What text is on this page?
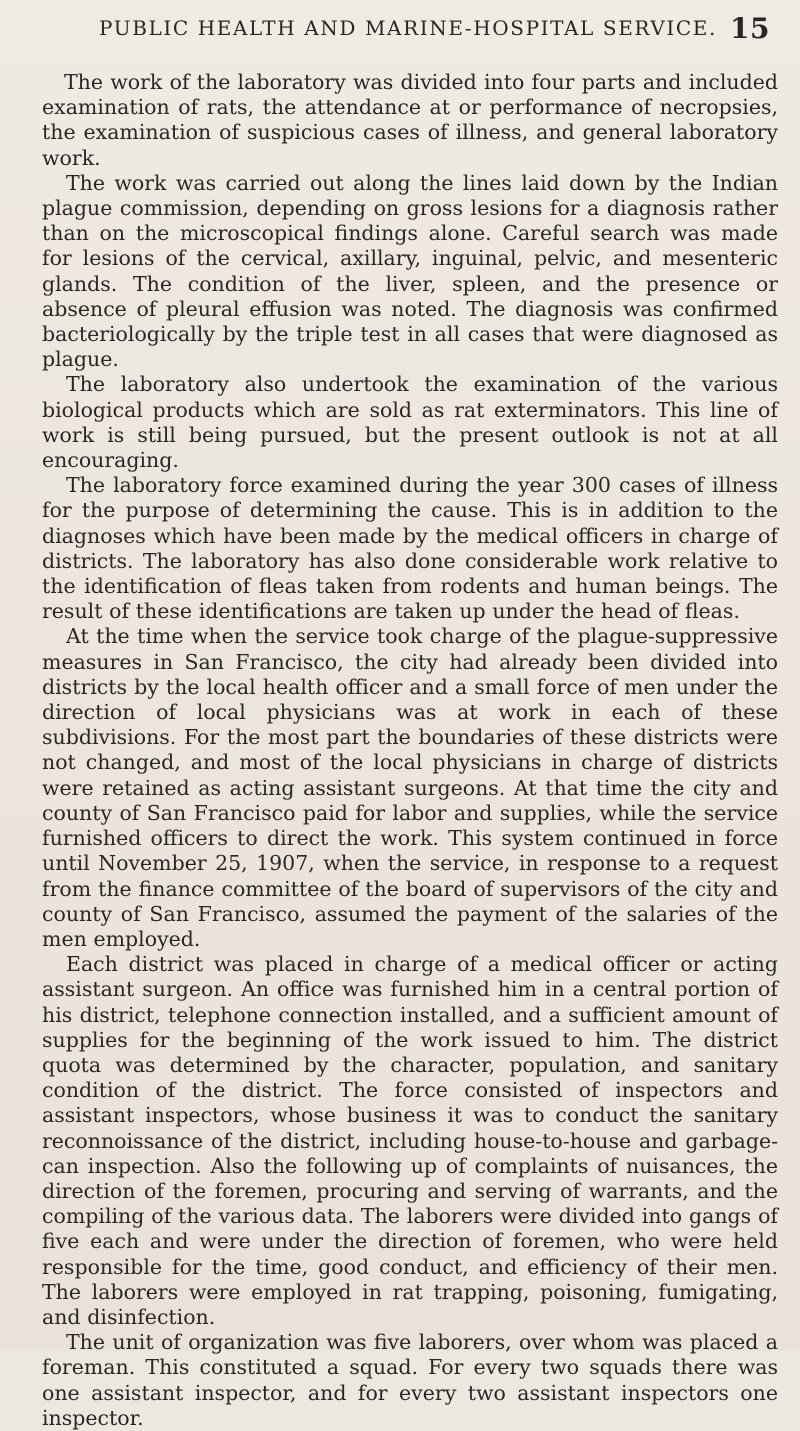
PUBLIC HEALTH AND MARINE-HOSPITAL SERVICE. 15

The work of the laboratory was divided into four parts and included examination of rats, the attendance at or performance of necropsies, the examination of suspicious cases of illness, and general laboratory work.

The work was carried out along the lines laid down by the Indian plague commission, depending on gross lesions for a diagnosis rather than on the microscopical findings alone. Careful search was made for lesions of the cervical, axillary, inguinal, pelvic, and mesenteric glands. The condition of the liver, spleen, and the presence or absence of pleural effusion was noted. The diagnosis was confirmed bacteriologically by the triple test in all cases that were diagnosed as plague.

The laboratory also undertook the examination of the various biological products which are sold as rat exterminators. This line of work is still being pursued, but the present outlook is not at all encouraging.

The laboratory force examined during the year 300 cases of illness for the purpose of determining the cause. This is in addition to the diagnoses which have been made by the medical officers in charge of districts. The laboratory has also done considerable work relative to the identification of fleas taken from rodents and human beings. The result of these identifications are taken up under the head of fleas.

At the time when the service took charge of the plague-suppressive measures in San Francisco, the city had already been divided into districts by the local health officer and a small force of men under the direction of local physicians was at work in each of these subdivisions. For the most part the boundaries of these districts were not changed, and most of the local physicians in charge of districts were retained as acting assistant surgeons. At that time the city and county of San Francisco paid for labor and supplies, while the service furnished officers to direct the work. This system continued in force until November 25, 1907, when the service, in response to a request from the finance committee of the board of supervisors of the city and county of San Francisco, assumed the payment of the salaries of the men employed.

Each district was placed in charge of a medical officer or acting assistant surgeon. An office was furnished him in a central portion of his district, telephone connection installed, and a sufficient amount of supplies for the beginning of the work issued to him. The district quota was determined by the character, population, and sanitary condition of the district. The force consisted of inspectors and assistant inspectors, whose business it was to conduct the sanitary reconnoissance of the district, including house-to-house and garbage-can inspection. Also the following up of complaints of nuisances, the direction of the foremen, procuring and serving of warrants, and the compiling of the various data. The laborers were divided into gangs of five each and were under the direction of foremen, who were held responsible for the time, good conduct, and efficiency of their men. The laborers were employed in rat trapping, poisoning, fumigating, and disinfection.

The unit of organization was five laborers, over whom was placed a foreman. This constituted a squad. For every two squads there was one assistant inspector, and for every two assistant inspectors one inspector.
